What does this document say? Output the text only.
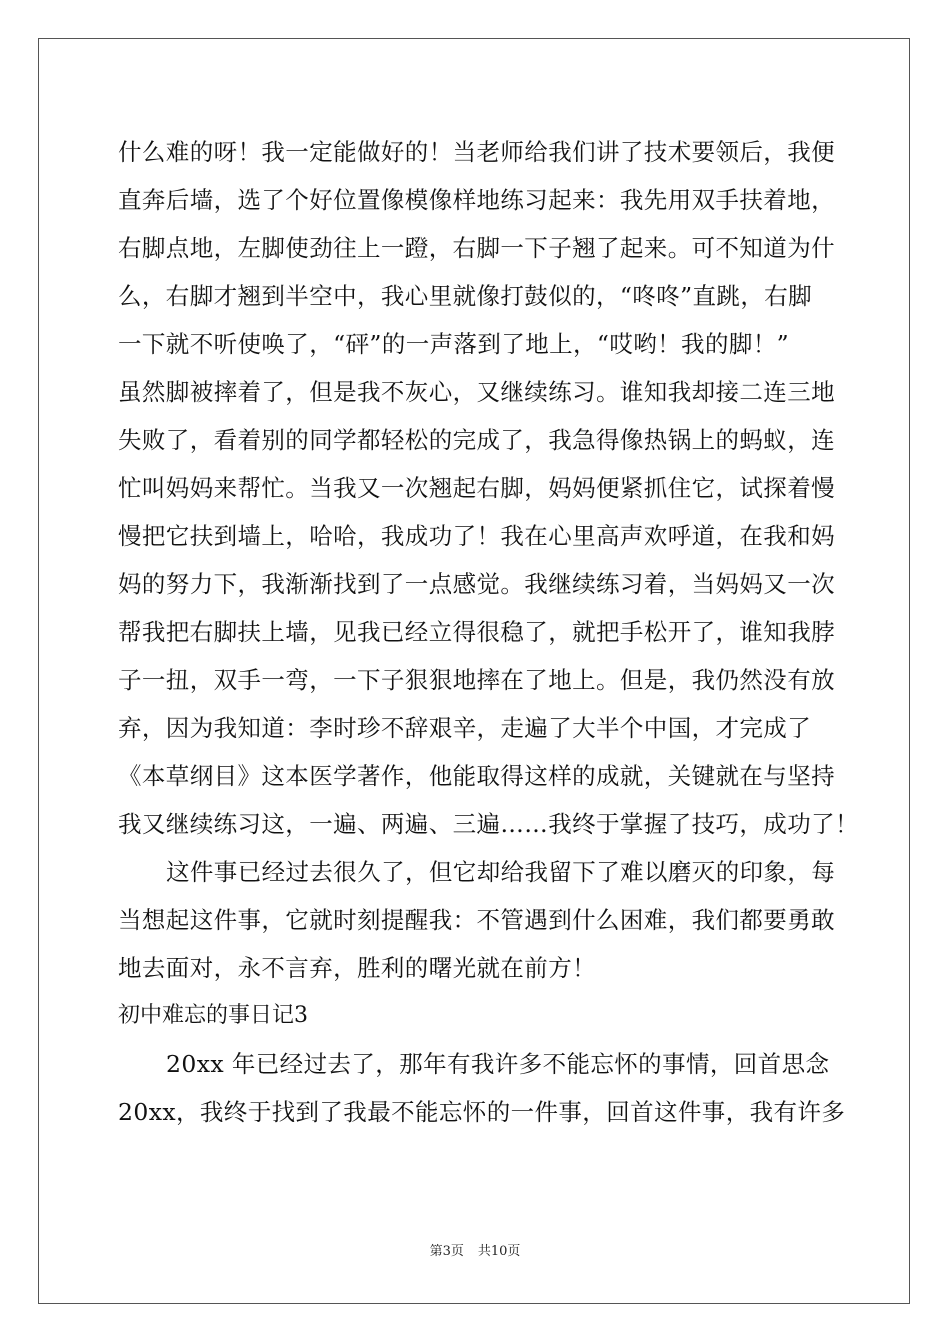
什么难的呀！我一定能做好的！当老师给我们讲了技术要领后，我便
直奔后墙，选了个好位置像模像样地练习起来：我先用双手扶着地，
右脚点地，左脚使劲往上一蹬，右脚一下子翘了起来。可不知道为什
么，右脚才翘到半空中，我心里就像打鼓似的，“咚咚”直跳，右脚
一下就不听使唤了，“砰”的一声落到了地上，“哎哟！我的脚！”
虽然脚被摔着了，但是我不灰心，又继续练习。谁知我却接二连三地
失败了，看着别的同学都轻松的完成了，我急得像热锅上的蚂蚁，连
忙叫妈妈来帮忙。当我又一次翘起右脚，妈妈便紧抓住它，试探着慢
慢把它扶到墙上，哈哈，我成功了！我在心里高声欢呼道，在我和妈
妈的努力下，我渐渐找到了一点感觉。我继续练习着，当妈妈又一次
帮我把右脚扶上墙，见我已经立得很稳了，就把手松开了，谁知我脖
子一扭，双手一弯，一下子狠狠地摔在了地上。但是，我仍然没有放
弃，因为我知道：李时珍不辞艰辛，走遍了大半个中国，才完成了
《本草纲目》这本医学著作，他能取得这样的成就，关键就在与坚持
我又继续练习这，一遍、两遍、三遍……我终于掌握了技巧，成功了！
这件事已经过去很久了，但它却给我留下了难以磨灭的印象，每
当想起这件事，它就时刻提醒我：不管遇到什么困难，我们都要勇敢
地去面对，永不言弃，胜利的曙光就在前方！
初中难忘的事日记3
20xx 年已经过去了，那年有我许多不能忘怀的事情，回首思念
20xx，我终于找到了我最不能忘怀的一件事，回首这件事，我有许多
第3页 共10页
